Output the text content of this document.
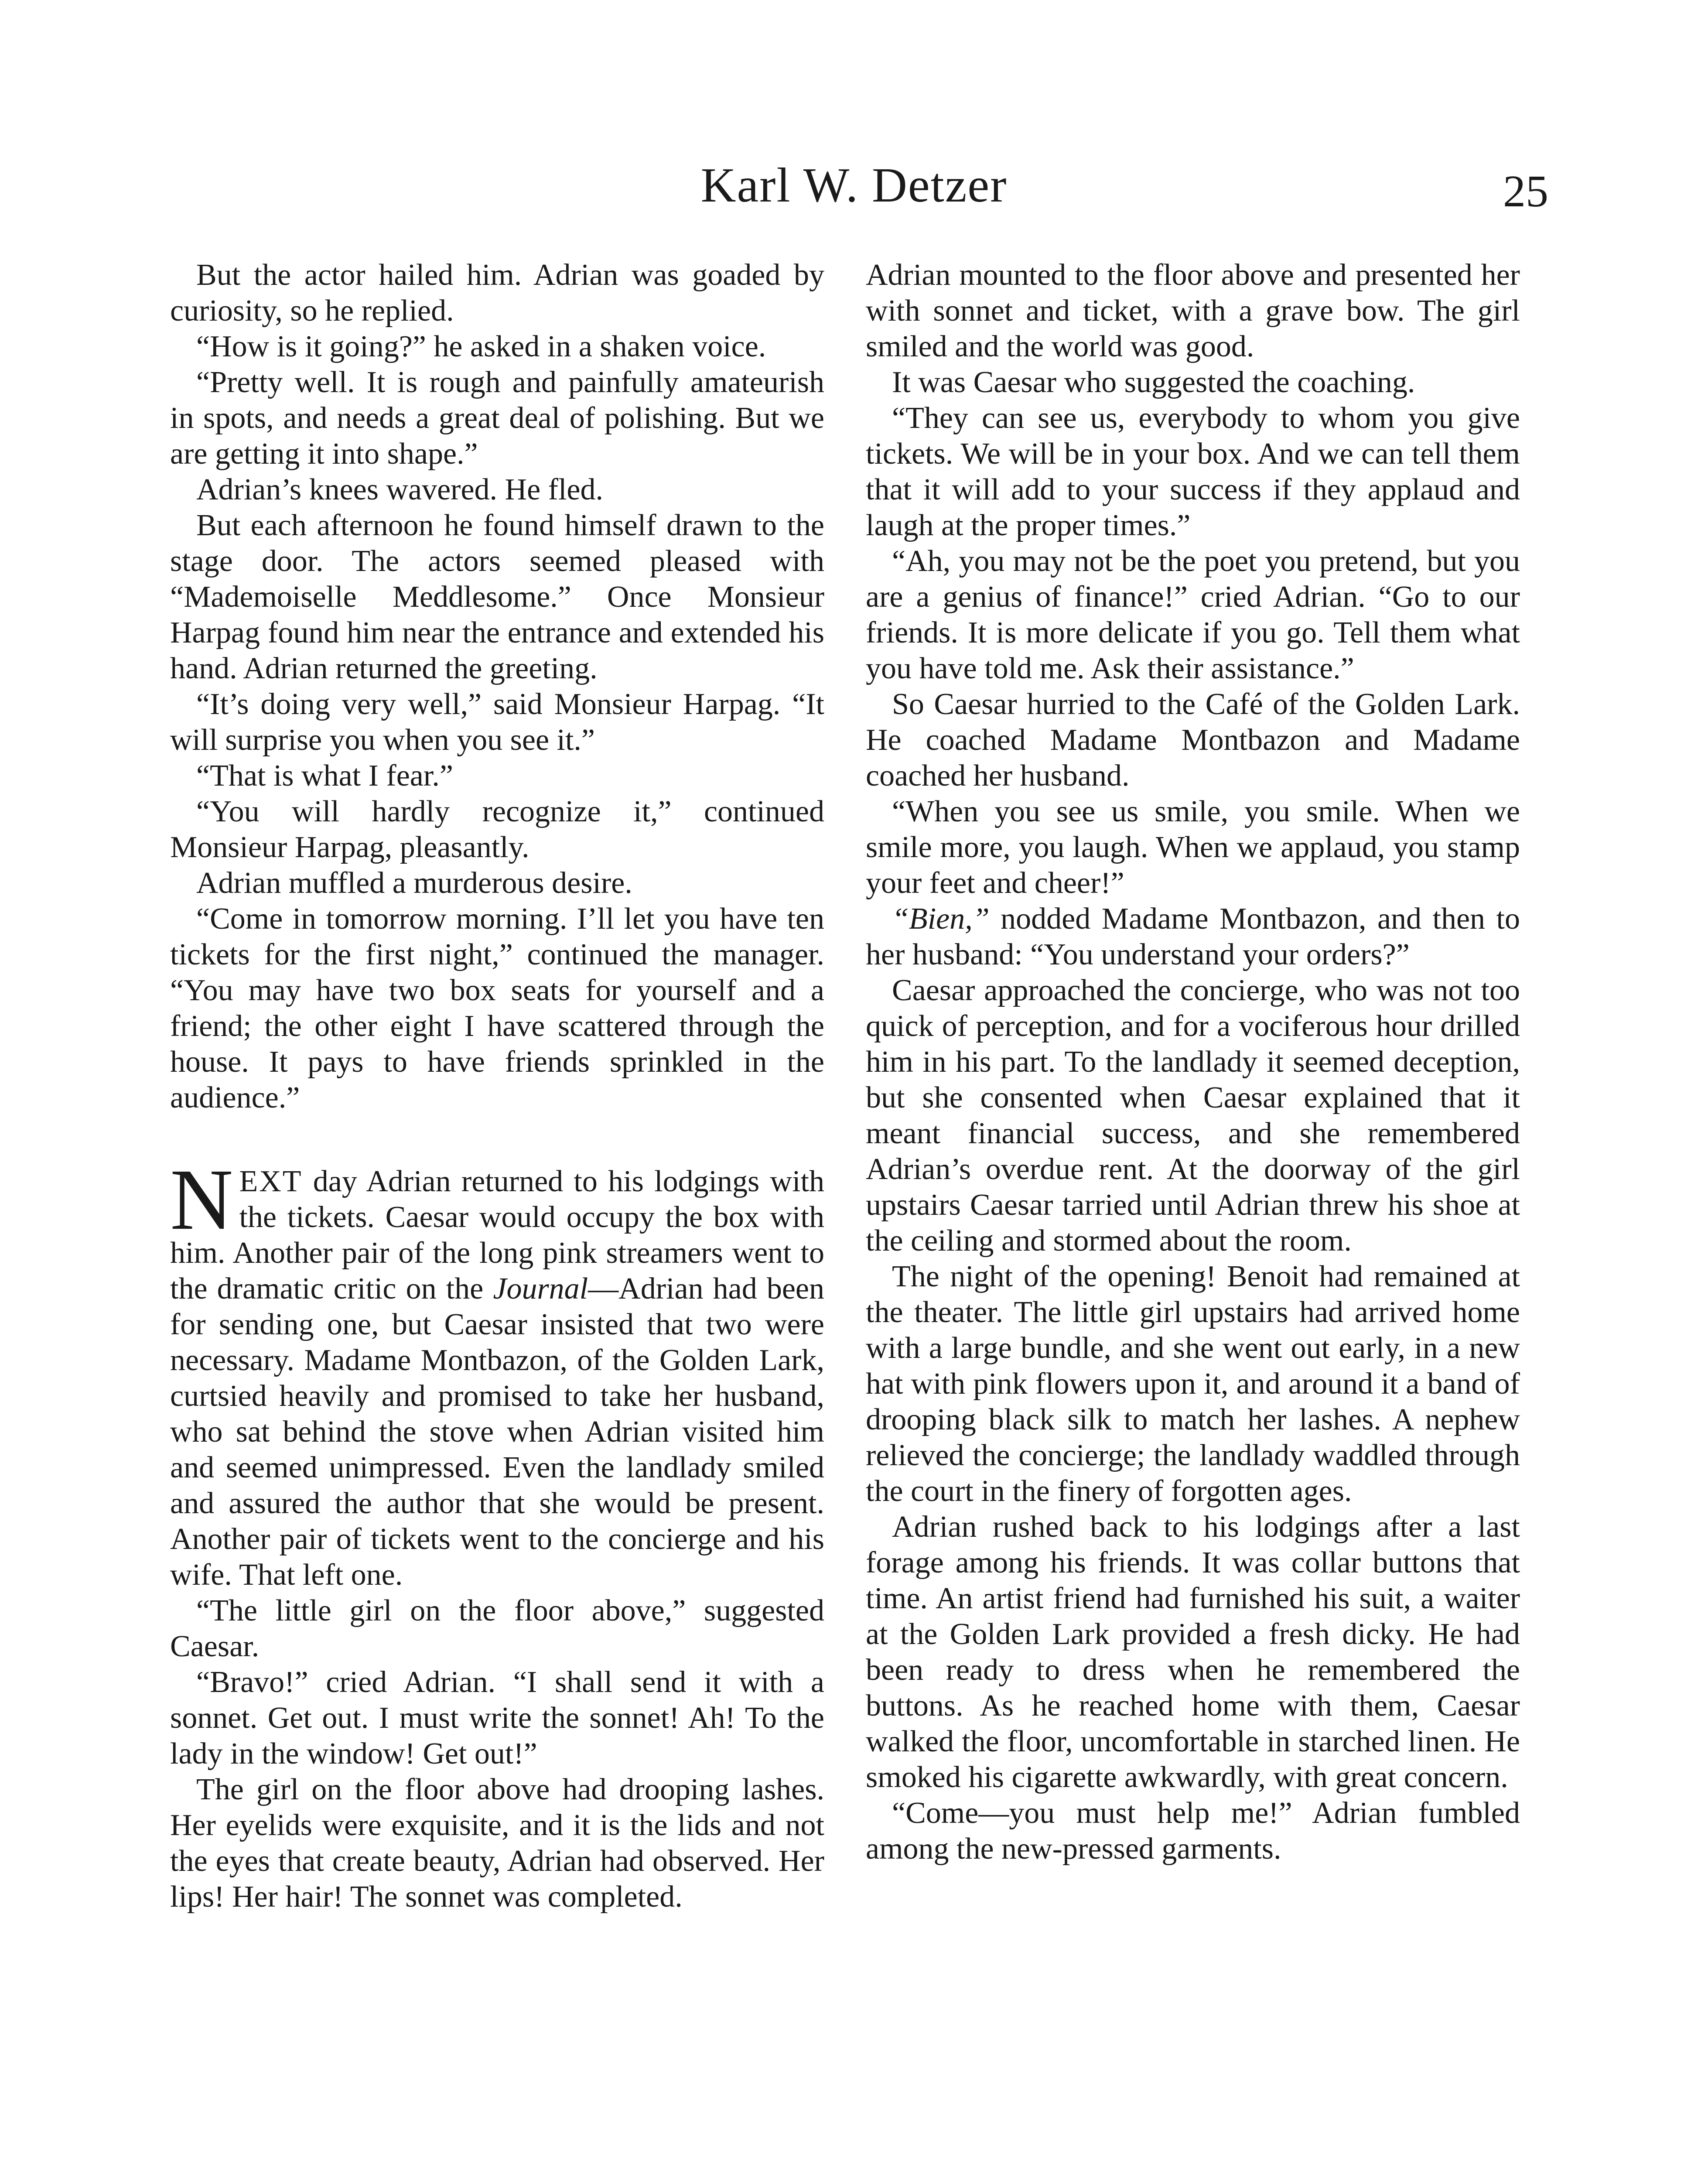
Karl W. Detzer	25

But the actor hailed him. Adrian was goaded by curiosity, so he replied.

“How is it going?” he asked in a shaken voice.

“Pretty well. It is rough and painfully amateurish in spots, and needs a great deal of polishing. But we are getting it into shape.”

Adrian’s knees wavered. He fled.

But each afternoon he found himself drawn to the stage door. The actors seemed pleased with “Mademoiselle Meddlesome.” Once Monsieur Harpag found him near the entrance and extended his hand. Adrian returned the greeting.

“It’s doing very well,” said Monsieur Harpag. “It will surprise you when you see it.”

“That is what I fear.”

“You will hardly recognize it,” continued Monsieur Harpag, pleasantly.

Adrian muffled a murderous desire.

“Come in tomorrow morning. I’ll let you have ten tickets for the first night,” continued the manager. “You may have two box seats for yourself and a friend; the other eight I have scattered through the house. It pays to have friends sprinkled in the audience.”

NEXT day Adrian returned to his lodgings with the tickets. Caesar would occupy the box with him. Another pair of the long pink streamers went to the dramatic critic on the Journal—Adrian had been for sending one, but Caesar insisted that two were necessary. Madame Montbazon, of the Golden Lark, curtsied heavily and promised to take her husband, who sat behind the stove when Adrian visited him and seemed unimpressed. Even the landlady smiled and assured the author that she would be present. Another pair of tickets went to the concierge and his wife. That left one.

“The little girl on the floor above,” suggested Caesar.

“Bravo!” cried Adrian. “I shall send it with a sonnet. Get out. I must write the sonnet! Ah! To the lady in the window! Get out!”

The girl on the floor above had drooping lashes. Her eyelids were exquisite, and it is the lids and not the eyes that create beauty, Adrian had observed. Her lips! Her hair! The sonnet was completed.

Adrian mounted to the floor above and presented her with sonnet and ticket, with a grave bow. The girl smiled and the world was good.

It was Caesar who suggested the coaching.

“They can see us, everybody to whom you give tickets. We will be in your box. And we can tell them that it will add to your success if they applaud and laugh at the proper times.”

“Ah, you may not be the poet you pretend, but you are a genius of finance!” cried Adrian. “Go to our friends. It is more delicate if you go. Tell them what you have told me. Ask their assistance.”

So Caesar hurried to the Café of the Golden Lark. He coached Madame Montbazon and Madame coached her husband.

“When you see us smile, you smile. When we smile more, you laugh. When we applaud, you stamp your feet and cheer!”

“Bien,” nodded Madame Montbazon, and then to her husband: “You understand your orders?”

Caesar approached the concierge, who was not too quick of perception, and for a vociferous hour drilled him in his part. To the landlady it seemed deception, but she consented when Caesar explained that it meant financial success, and she remembered Adrian’s overdue rent. At the doorway of the girl upstairs Caesar tarried until Adrian threw his shoe at the ceiling and stormed about the room.

The night of the opening! Benoit had remained at the theater. The little girl upstairs had arrived home with a large bundle, and she went out early, in a new hat with pink flowers upon it, and around it a band of drooping black silk to match her lashes. A nephew relieved the concierge; the landlady waddled through the court in the finery of forgotten ages.

Adrian rushed back to his lodgings after a last forage among his friends. It was collar buttons that time. An artist friend had furnished his suit, a waiter at the Golden Lark provided a fresh dicky. He had been ready to dress when he remembered the buttons. As he reached home with them, Caesar walked the floor, uncomfortable in starched linen. He smoked his cigarette awkwardly, with great concern.

“Come—you must help me!” Adrian fumbled among the new-pressed garments.
